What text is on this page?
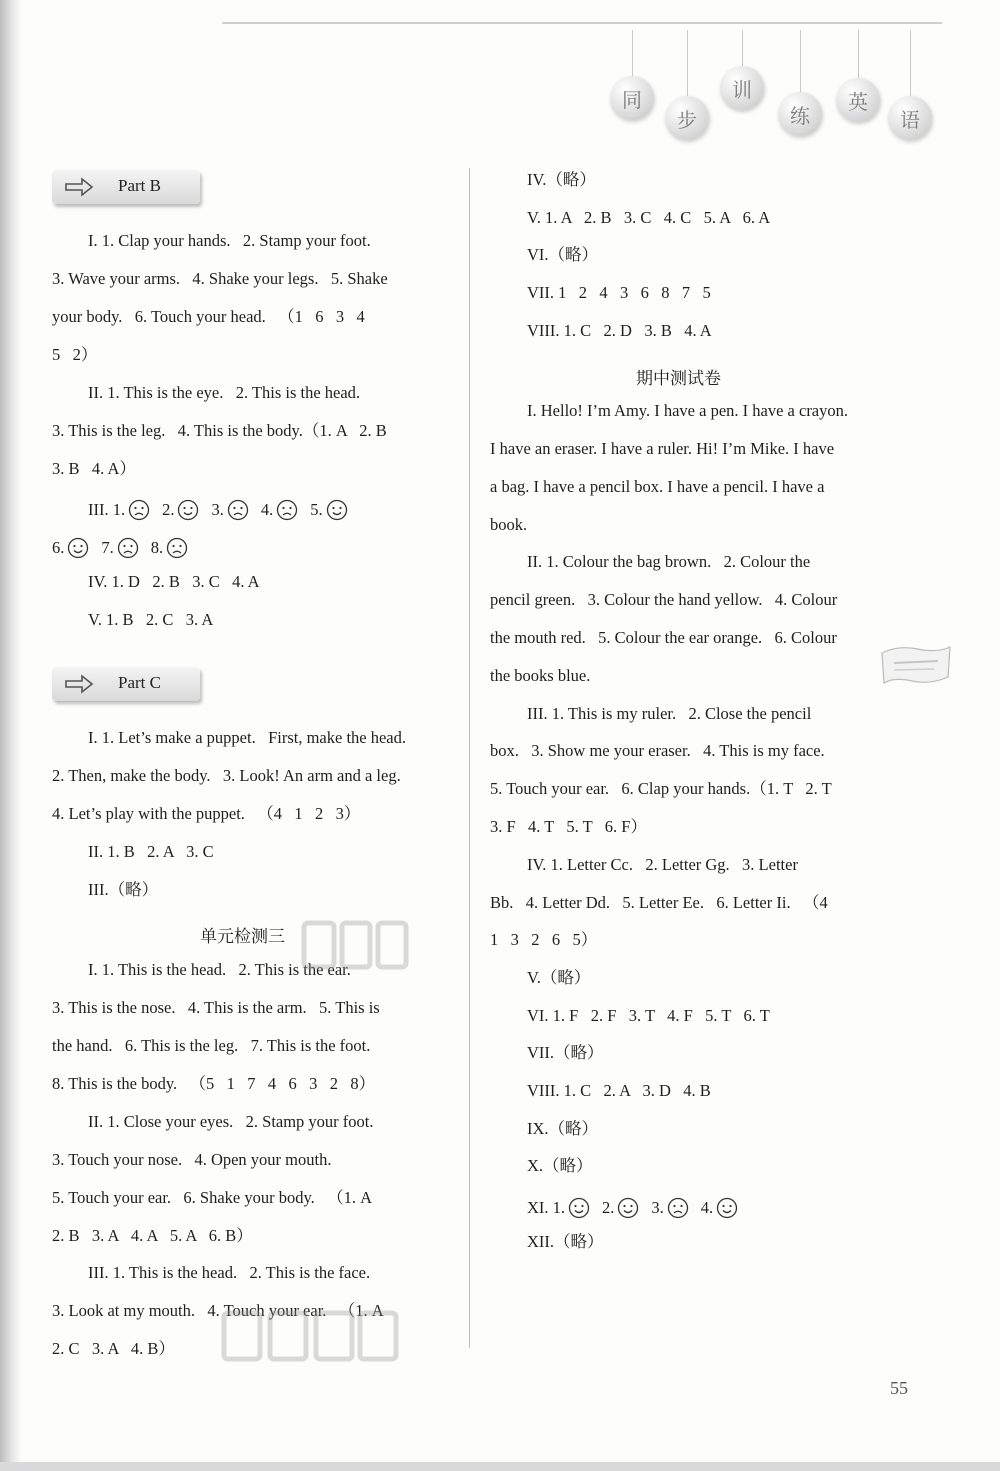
同
步
训
练
英
语
Part B
I. 1. Clap your hands.   2. Stamp your foot.
3. Wave your arms.   4. Shake your legs.   5. Shake
your body.   6. Touch your head.   （1   6   3   4
5   2）
II. 1. This is the eye.   2. This is the head.
3. This is the leg.   4. This is the body.（1. A   2. B
3. B   4. A）
III.
1. 2. 3. 4. 5.
6. 7. 8.
IV. 1. D   2. B   3. C   4. A
V. 1. B   2. C   3. A
Part C
I. 1. Let’s make a puppet.   First, make the head.
2. Then, make the body.   3. Look! An arm and a leg.
4. Let’s play with the puppet.   （4   1   2   3）
II. 1. B   2. A   3. C
III.（略）
单元检测三
I. 1. This is the head.   2. This is the ear.
3. This is the nose.   4. This is the arm.   5. This is
the hand.   6. This is the leg.   7. This is the foot.
8. This is the body.   （5   1   7   4   6   3   2   8）
II. 1. Close your eyes.   2. Stamp your foot.
3. Touch your nose.   4. Open your mouth.
5. Touch your ear.   6. Shake your body.   （1. A
2. B   3. A   4. A   5. A   6. B）
III. 1. This is the head.   2. This is the face.
3. Look at my mouth.   4. Touch your ear.   （1. A
2. C   3. A   4. B）
IV.（略）
V. 1. A   2. B   3. C   4. C   5. A   6. A
VI.（略）
VII. 1   2   4   3   6   8   7   5
VIII. 1. C   2. D   3. B   4. A
期中测试卷
I. Hello! I’m Amy. I have a pen. I have a crayon.
I have an eraser. I have a ruler. Hi! I’m Mike. I have
a bag. I have a pencil box. I have a pencil. I have a
book.
II. 1. Colour the bag brown.   2. Colour the
pencil green.   3. Colour the hand yellow.   4. Colour
the mouth red.   5. Colour the ear orange.   6. Colour
the books blue.
III. 1. This is my ruler.   2. Close the pencil
box.   3. Show me your eraser.   4. This is my face.
5. Touch your ear.   6. Clap your hands.（1. T   2. T
3. F   4. T   5. T   6. F）
IV. 1. Letter Cc.   2. Letter Gg.   3. Letter
Bb.   4. Letter Dd.   5. Letter Ee.   6. Letter Ii.   （4
1   3   2   6   5）
V.（略）
VI. 1. F   2. F   3. T   4. F   5. T   6. T
VII.（略）
VIII. 1. C   2. A   3. D   4. B
IX.（略）
X.（略）
XI.
1. 2. 3. 4.
XII.（略）
55
